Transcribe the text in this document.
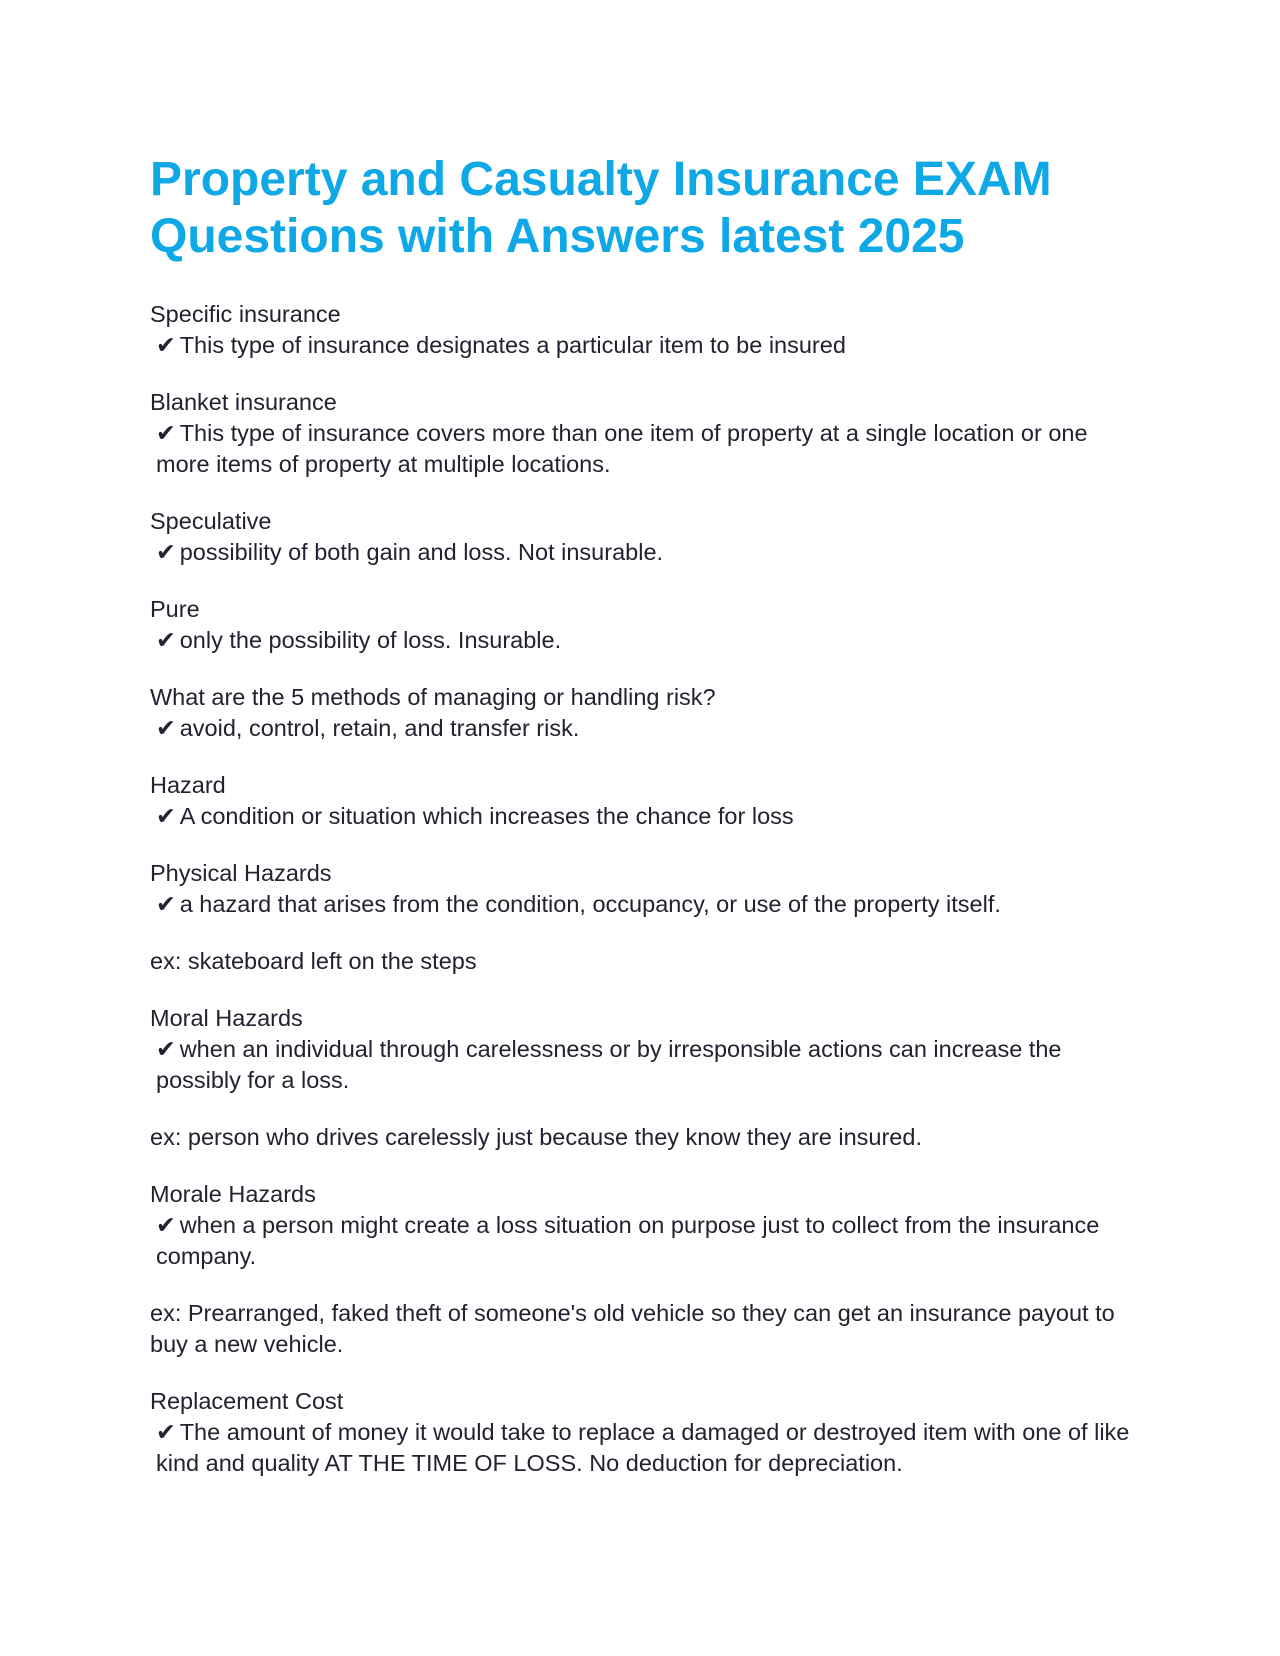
Property and Casualty Insurance EXAM Questions with Answers latest 2025

Specific insurance

✔ This type of insurance designates a particular item to be insured

Blanket insurance

✔ This type of insurance covers more than one item of property at a single location or one more items of property at multiple locations.

Speculative

✔ possibility of both gain and loss. Not insurable.

Pure

✔ only the possibility of loss. Insurable.

What are the 5 methods of managing or handling risk?

✔ avoid, control, retain, and transfer risk.

Hazard

✔ A condition or situation which increases the chance for loss

Physical Hazards

✔ a hazard that arises from the condition, occupancy, or use of the property itself.

ex: skateboard left on the steps

Moral Hazards

✔ when an individual through carelessness or by irresponsible actions can increase the possibly for a loss.

ex: person who drives carelessly just because they know they are insured.

Morale Hazards

✔ when a person might create a loss situation on purpose just to collect from the insurance company.

ex: Prearranged, faked theft of someone's old vehicle so they can get an insurance payout to buy a new vehicle.

Replacement Cost

✔ The amount of money it would take to replace a damaged or destroyed item with one of like kind and quality AT THE TIME OF LOSS. No deduction for depreciation.
